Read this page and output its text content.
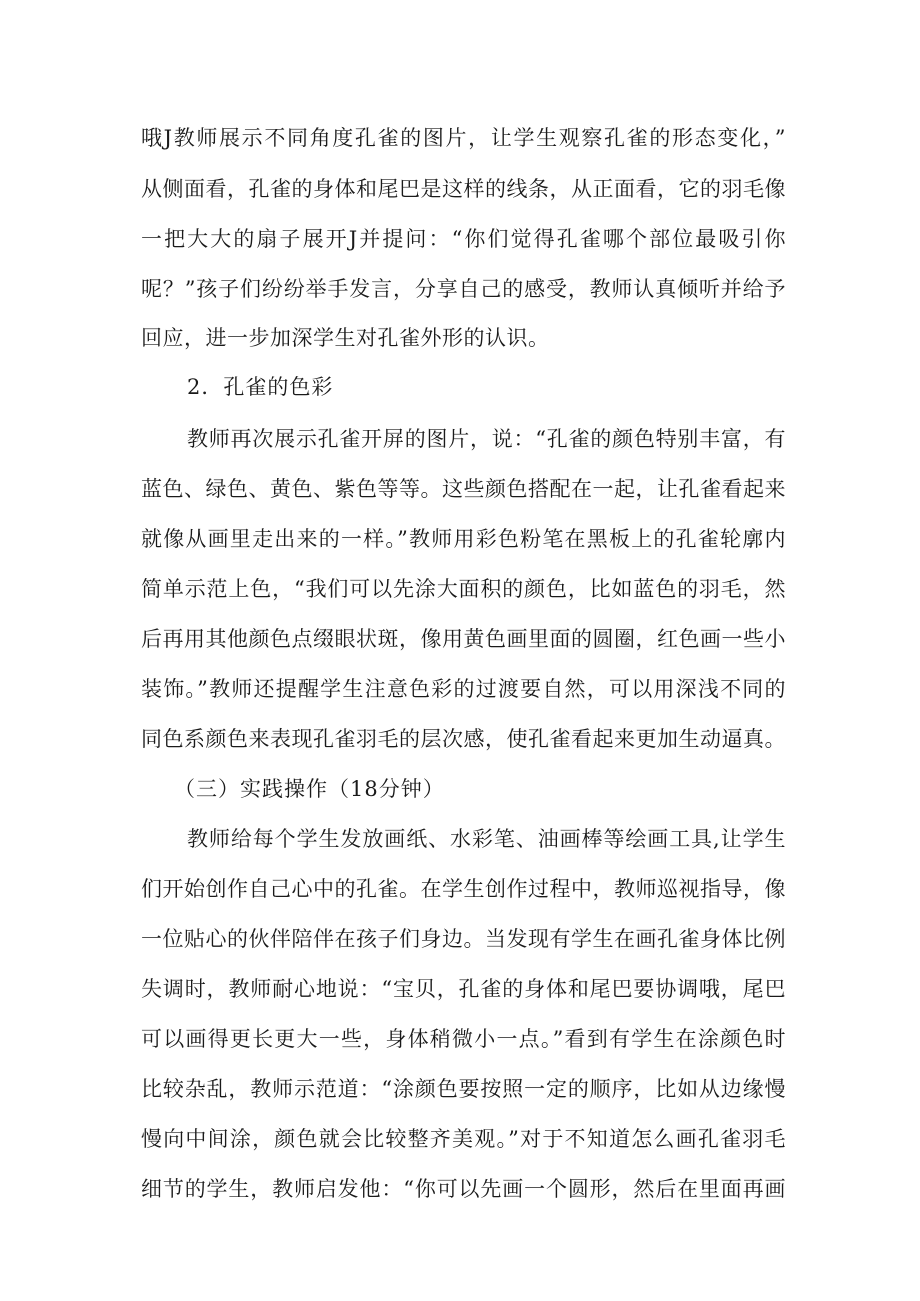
哦J教师展示不同角度孔雀的图片，让学生观察孔雀的形态变化，”
从侧面看，孔雀的身体和尾巴是这样的线条，从正面看，它的羽毛像
一把大大的扇子展开J并提问：“你们觉得孔雀哪个部位最吸引你
呢？”孩子们纷纷举手发言，分享自己的感受，教师认真倾听并给予
回应，进一步加深学生对孔雀外形的认识。
2．孔雀的色彩
教师再次展示孔雀开屏的图片，说：“孔雀的颜色特别丰富，有
蓝色、绿色、黄色、紫色等等。这些颜色搭配在一起，让孔雀看起来
就像从画里走出来的一样。”教师用彩色粉笔在黑板上的孔雀轮廓内
简单示范上色，“我们可以先涂大面积的颜色，比如蓝色的羽毛，然
后再用其他颜色点缀眼状斑，像用黄色画里面的圆圈，红色画一些小
装饰。”教师还提醒学生注意色彩的过渡要自然，可以用深浅不同的
同色系颜色来表现孔雀羽毛的层次感，使孔雀看起来更加生动逼真。
（三）实践操作（18分钟）
教师给每个学生发放画纸、水彩笔、油画棒等绘画工具,让学生
们开始创作自己心中的孔雀。在学生创作过程中，教师巡视指导，像
一位贴心的伙伴陪伴在孩子们身边。当发现有学生在画孔雀身体比例
失调时，教师耐心地说：“宝贝，孔雀的身体和尾巴要协调哦，尾巴
可以画得更长更大一些，身体稍微小一点。”看到有学生在涂颜色时
比较杂乱，教师示范道：“涂颜色要按照一定的顺序，比如从边缘慢
慢向中间涂，颜色就会比较整齐美观。”对于不知道怎么画孔雀羽毛
细节的学生，教师启发他：“你可以先画一个圆形，然后在里面再画
